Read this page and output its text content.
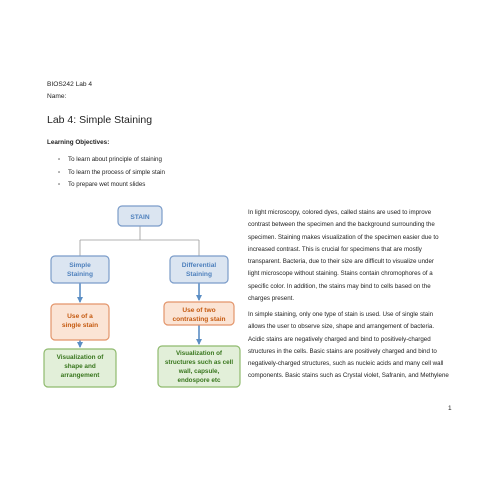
BIOS242 Lab 4
Name:
Lab 4: Simple Staining
Learning Objectives:
▫ To learn about principle of staining
▫ To learn the process of simple stain
▫ To prepare wet mount slides
STAIN
Simple
Staining
Use of a
single stain
Visualization of
shape and
arrangement
Differential
Staining
Use of two
contrasting stain
Visualization of
structures such as cell
wall, capsule,
endospore etc

In light microscopy, colored dyes, called stains are used to improve

contrast between the specimen and the background surrounding the

specimen. Staining makes visualization of the specimen easier due to

increased contrast. This is crucial for specimens that are mostly

transparent. Bacteria, due to their size are difficult to visualize under

light microscope without staining. Stains contain chromophores of a

specific color. In addition, the stains may bind to cells based on the

charges present.

In simple staining, only one type of stain is used. Use of single stain

allows the user to observe size, shape and arrangement of bacteria.

Acidic stains are negatively charged and bind to positively-charged

structures in the cells. Basic stains are positively charged and bind to

negatively-charged structures, such as nucleic acids and many cell wall

components. Basic stains such as Crystal violet, Safranin, and Methylene

1
